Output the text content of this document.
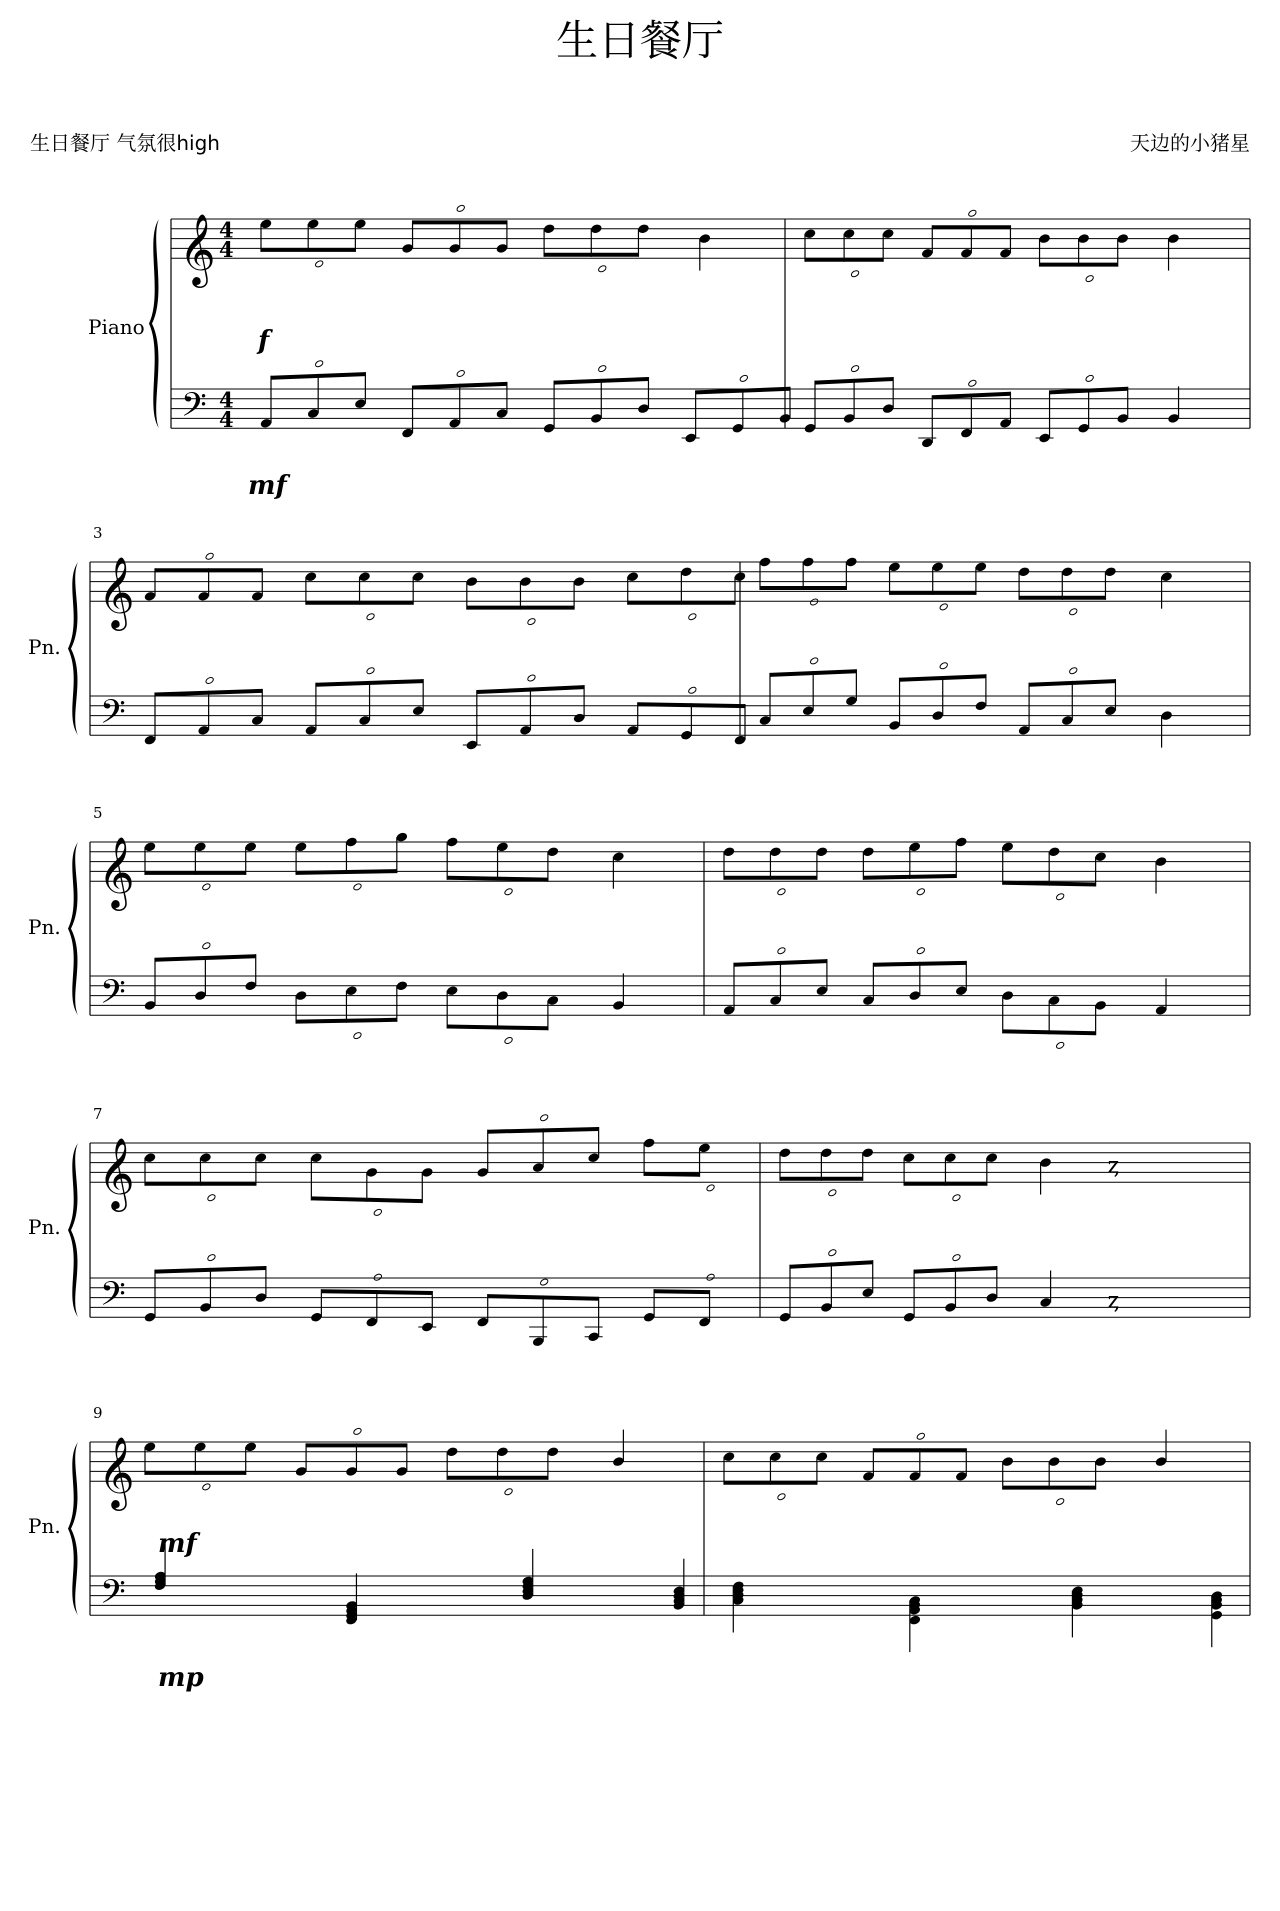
生日餐厅
生日餐厅 气氛很high	天边的小猪星
Piano
𝄞
𝄢
4
4
4
4
f
mf
Pn.
3
𝄞
𝄢
Pn.
5
𝄞
𝄢
Pn.
7
𝄞
𝄢
ȥ
ȥ
Pn.
9
𝄞
𝄢
mf
mp
